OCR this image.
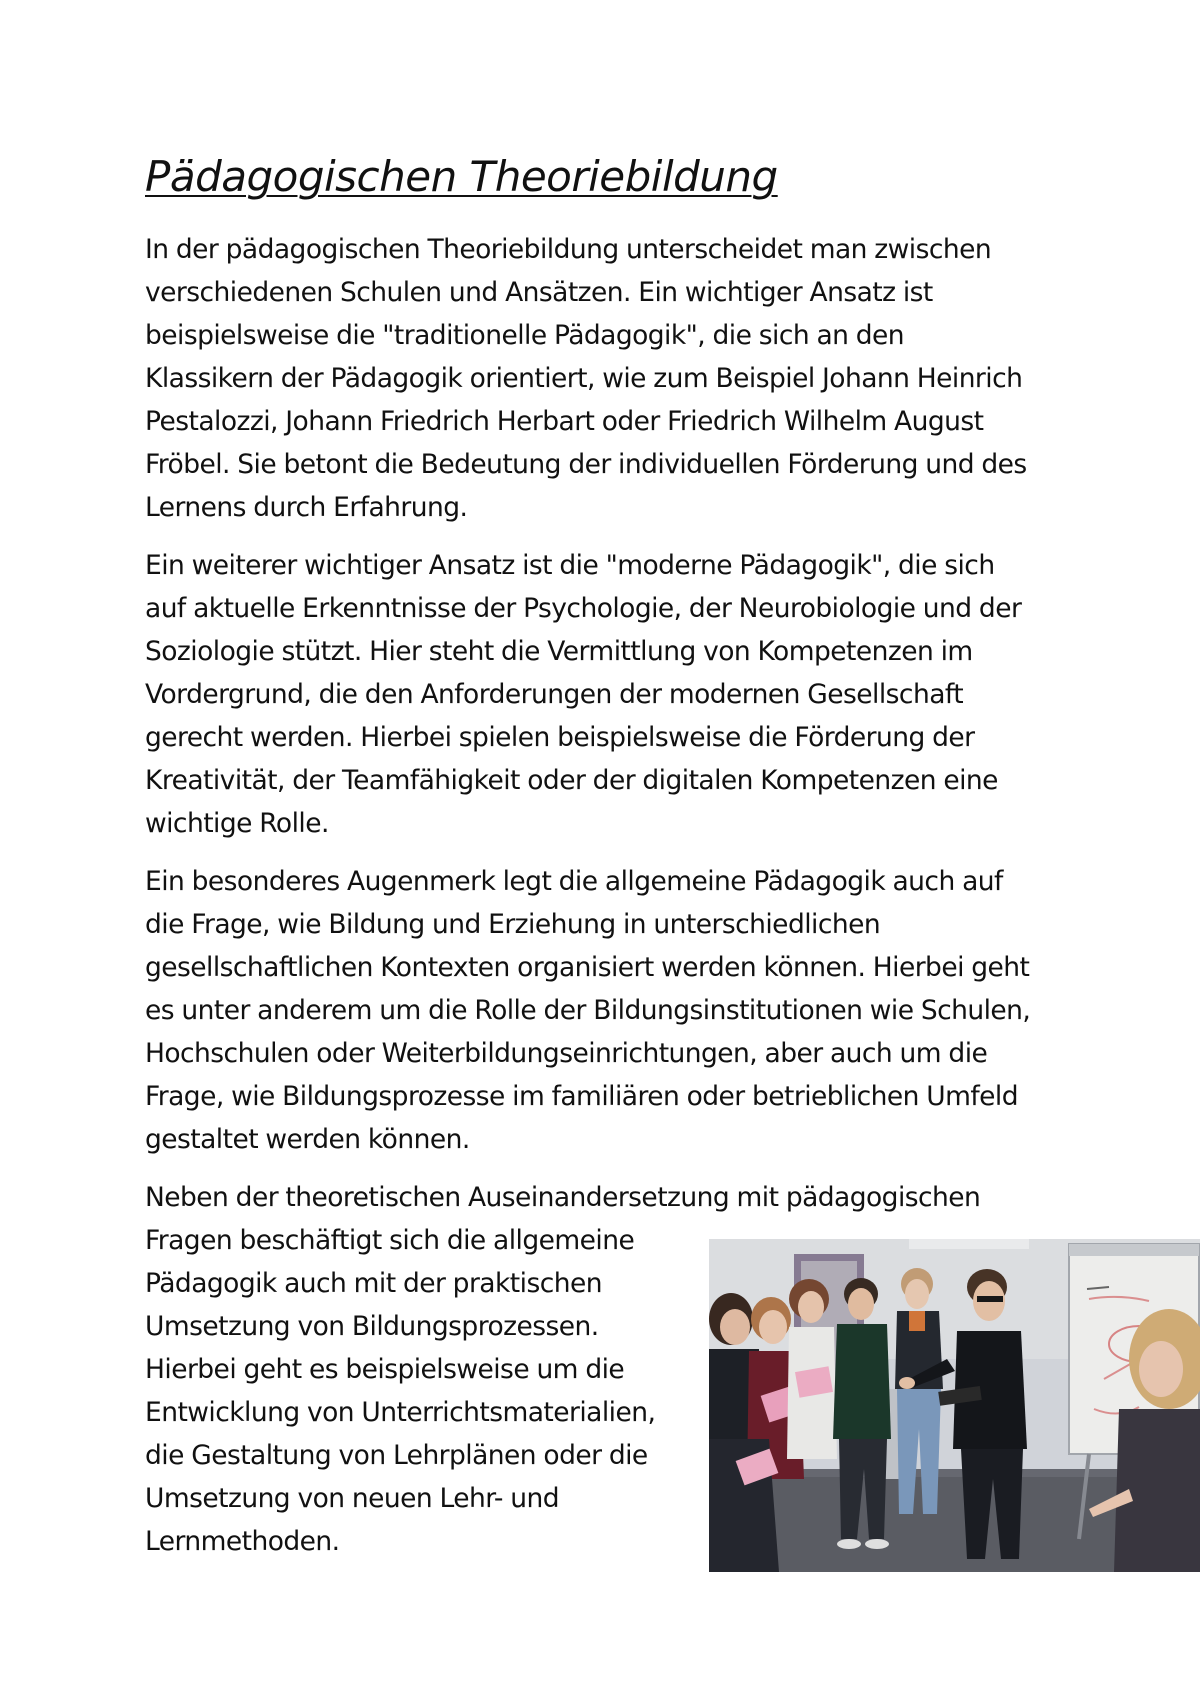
Pädagogischen Theoriebildung

In der pädagogischen Theoriebildung unterscheidet man zwischen
verschiedenen Schulen und Ansätzen. Ein wichtiger Ansatz ist
beispielsweise die "traditionelle Pädagogik", die sich an den
Klassikern der Pädagogik orientiert, wie zum Beispiel Johann Heinrich
Pestalozzi, Johann Friedrich Herbart oder Friedrich Wilhelm August
Fröbel. Sie betont die Bedeutung der individuellen Förderung und des
Lernens durch Erfahrung.

Ein weiterer wichtiger Ansatz ist die "moderne Pädagogik", die sich
auf aktuelle Erkenntnisse der Psychologie, der Neurobiologie und der
Soziologie stützt. Hier steht die Vermittlung von Kompetenzen im
Vordergrund, die den Anforderungen der modernen Gesellschaft
gerecht werden. Hierbei spielen beispielsweise die Förderung der
Kreativität, der Teamfähigkeit oder der digitalen Kompetenzen eine
wichtige Rolle.

Ein besonderes Augenmerk legt die allgemeine Pädagogik auch auf
die Frage, wie Bildung und Erziehung in unterschiedlichen
gesellschaftlichen Kontexten organisiert werden können. Hierbei geht
es unter anderem um die Rolle der Bildungsinstitutionen wie Schulen,
Hochschulen oder Weiterbildungseinrichtungen, aber auch um die
Frage, wie Bildungsprozesse im familiären oder betrieblichen Umfeld
gestaltet werden können.

Neben der theoretischen Auseinandersetzung mit pädagogischen
Fragen beschäftigt sich die allgemeine
Pädagogik auch mit der praktischen
Umsetzung von Bildungsprozessen.
Hierbei geht es beispielsweise um die
Entwicklung von Unterrichtsmaterialien,
die Gestaltung von Lehrplänen oder die
Umsetzung von neuen Lehr- und
Lernmethoden.
